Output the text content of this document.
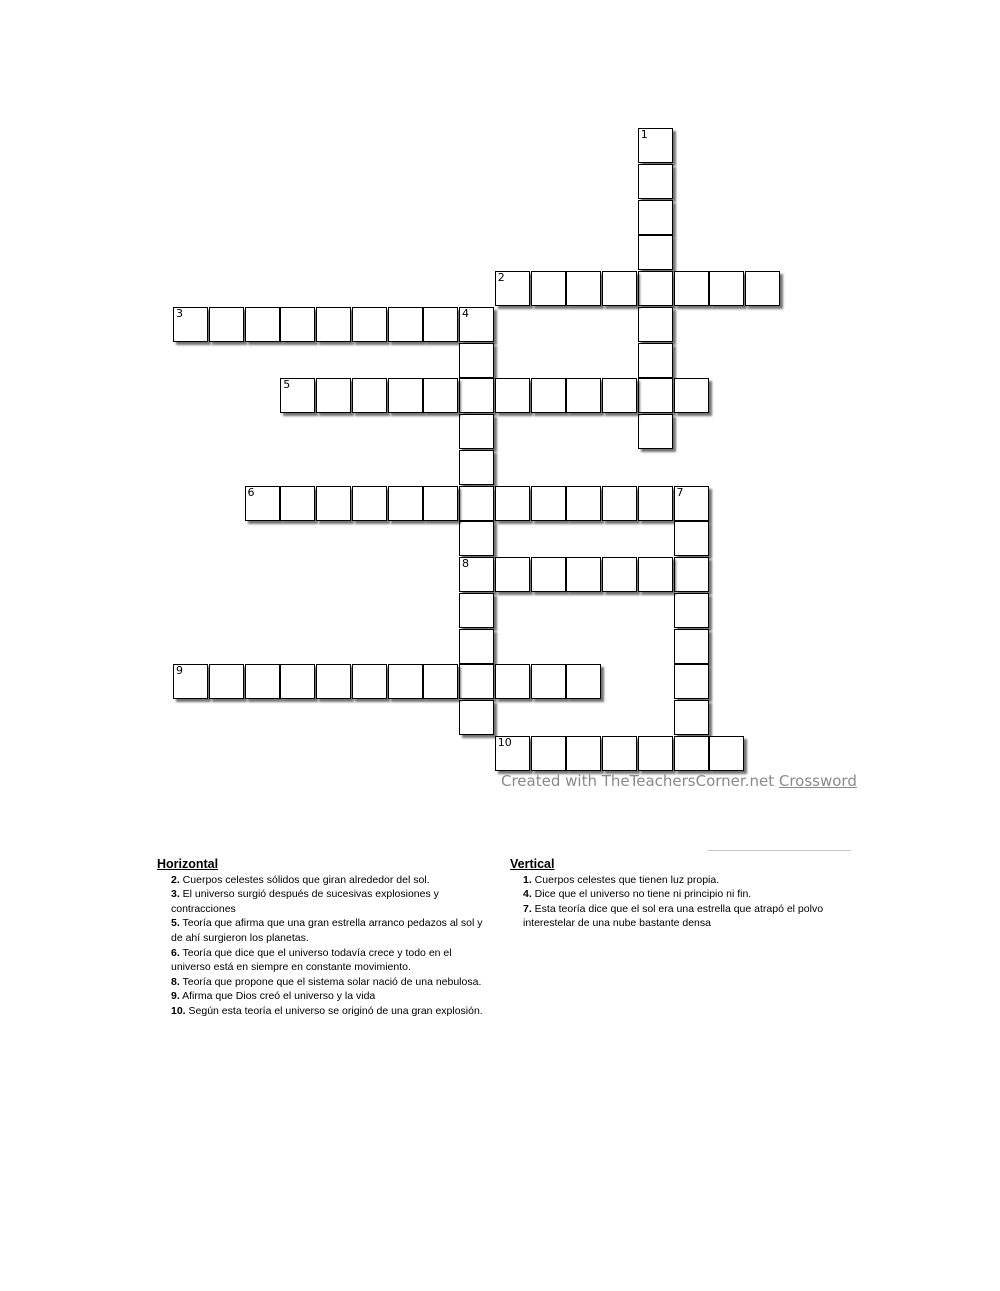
1
2
3	4
8
5
6	7
9
10
Created with TheTeachersCorner.net Crossword
Horizontal
2. Cuerpos celestes sólidos que giran alrededor del sol.
3. El universo surgió después de sucesivas explosiones y contracciones
5. Teoría que afirma que una gran estrella arranco pedazos al sol y de ahí surgieron los planetas.
6. Teoría que dice que el universo todavía crece y todo en el universo está en siempre en constante movimiento.
8. Teoría que propone que el sistema solar nació de una nebulosa.
9. Afirma que Dios creó el universo y la vida
10. Según esta teoría el universo se originó de una gran explosión.
Vertical
1. Cuerpos celestes que tienen luz propia.
4. Dice que el universo no tiene ni principio ni fin.
7. Esta teoría dice que el sol era una estrella que atrapó el polvo interestelar de una nube bastante densa
